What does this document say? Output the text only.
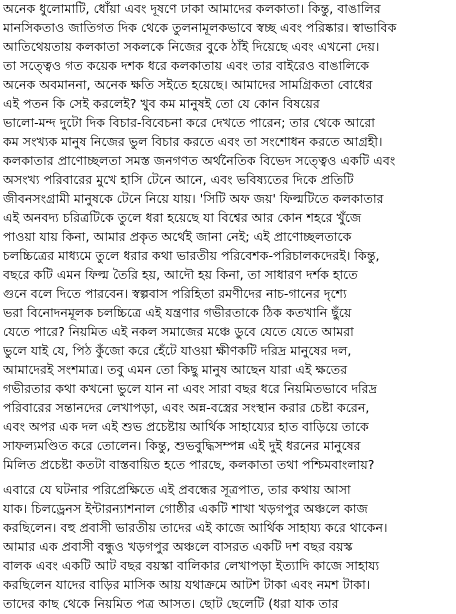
অনেক ধুলোমাটি, ধোঁয়া এবং দূষণে ঢাকা আমাদের কলকাতা। কিন্তু, বাঙালির
মানসিকতাও জাতিগত দিক থেকে তুলনামূলকভাবে স্বচ্ছ এবং পরিষ্কার। স্বাভাবিক
আতিথেয়তায় কলকাতা সকলকে নিজের বুকে ঠাঁই দিয়েছে এবং এখনো দেয়।
তা সত্ত্বেও গত কয়েক দশক ধরে কলকাতায় এবং তার বাইরেও বাঙালিকে
অনেক অবমাননা, অনেক ক্ষতি সইতে হয়েছে। আমাদের সামগ্রিকতা বোধের
এই পতন কি সেই করলেই? খুব কম মানুষই তো যে কোন বিষয়ের
ভালো-মন্দ দুটো দিক বিচার-বিবেচনা করে দেখতে পারেন; তার থেকে আরো
কম সংখ্যক মানুষ নিজের ভুল বিচার করতে এবং তা সংশোধন করতে আগ্রহী।
কলকাতার প্রাণোচ্ছলতা সমস্ত জনগণত অর্থনৈতিক বিভেদ সত্ত্বেও একটি এবং
অসংখ্য পরিবারের মুখে হাসি টেনে আনে, এবং ভবিষ্যতের দিকে প্রতিটি
জীবনসংগ্রামী মানুষকে টেনে নিয়ে যায়। 'সিটি অফ জয়' ফিল্মটিতে কলকাতার
এই অনবদ্য চরিত্রটিকে তুলে ধরা হয়েছে যা বিশ্বের আর কোন শহরে খুঁজে
পাওয়া যায় কিনা, আমার প্রকৃত অর্থেই জানা নেই; এই প্রাণোচ্ছলতাকে
চলচ্চিত্রের মাধ্যমে তুলে ধরার কথা ভারতীয় পরিবেশক-পরিচালকদেরই। কিন্তু,
বছরে কটি এমন ফিল্ম তৈরি হয়, আদৌ হয় কিনা, তা সাধারণ দর্শক হাতে
গুনে বলে দিতে পারবেন। স্বল্পবাস পরিহিতা রমণীদের নাচ-গানের দৃশ্যে
ভরা বিনোদনমূলক চলচ্চিত্রে এই যন্ত্রণার গভীরতাকে ঠিক কতখানি ছুঁয়ে
যেতে পারে? নিয়মিত এই নকল সমাজের মঞ্চে ডুবে যেতে যেতে আমরা
ভুলে যাই যে, পিঠ কুঁজো করে হেঁটে যাওয়া ক্ষীণকটি দরিদ্র মানুষের দল,
আমাদেরই সংশমাত্র। তবু এমন তো কিছু মানুষ আছেন যারা এই ক্ষতের
গভীরতার কথা কখনো ভুলে যান না এবং সারা বছর ধরে নিয়মিতভাবে দরিদ্র
পরিবারের সন্তানদের লেখাপড়া, এবং অন্ন-বস্ত্রের সংস্থান করার চেষ্টা করেন,
এবং অপর এক দল এই শুভ প্রচেষ্টায় আর্থিক সাহায্যের হাত বাড়িয়ে তাকে
সাফল্যমণ্ডিত করে তোলেন। কিন্তু, শুভবুদ্ধিসম্পন্ন এই দুই ধরনের মানুষের
মিলিত প্রচেষ্টা কতটা বাস্তবায়িত হতে পারছে, কলকাতা তথা পশ্চিমবাংলায়?
এবারে যে ঘটনার পরিপ্রেক্ষিতে এই প্রবন্ধের সূত্রপাত, তার কথায় আসা
যাক। চিলড্রেনস ইন্টারন্যাশনাল গোষ্ঠীর একটি শাখা খড়গপুর অঞ্চলে কাজ
করছিলেন। বহু প্রবাসী ভারতীয় তাদের এই কাজে আর্থিক সাহায্য করে থাকেন।
আমার এক প্রবাসী বন্ধুও খড়গপুর অঞ্চলে বাসরত একটি দশ বছর বয়স্ক
বালক এবং একটি আট বছর বয়স্কা বালিকার লেখাপড়া ইত্যাদি কাজে সাহায্য
করছিলেন যাদের বাড়ির মাসিক আয় যথাক্রমে আটশ টাকা এবং নমশ টাকা।
তাদের কাছ থেকে নিয়মিত পত্র আসত। ছোট ছেলেটি (ধরা যাক তার
